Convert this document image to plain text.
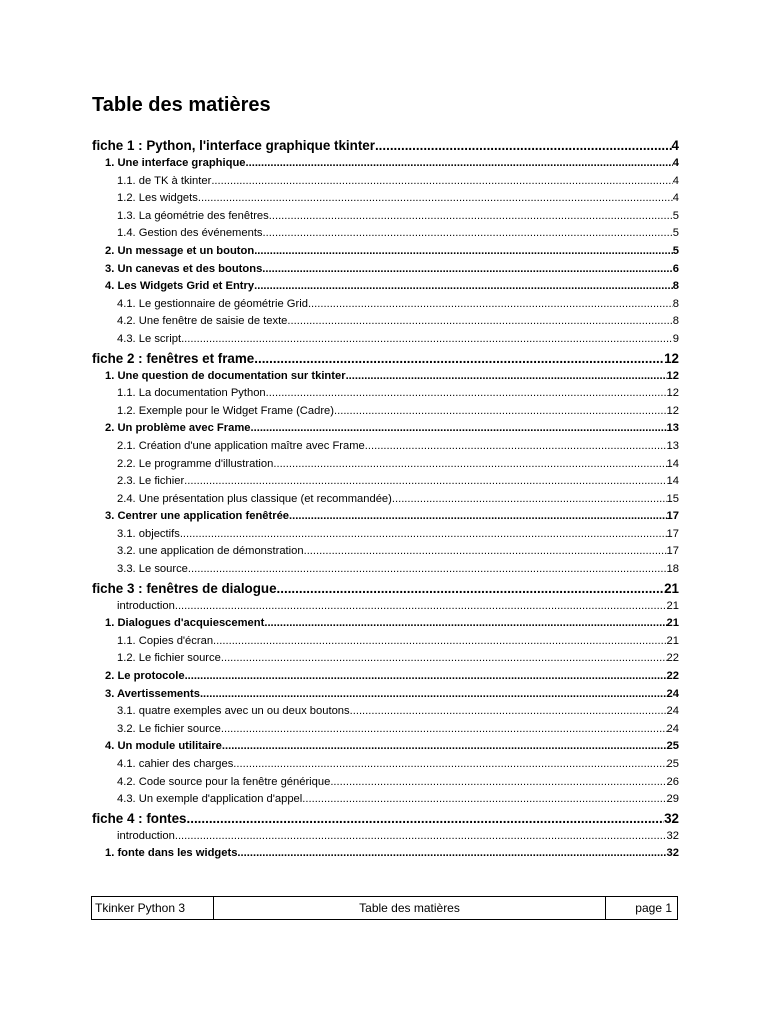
Table des matières
fiche 1 : Python, l'interface graphique tkinter .....	4
1. Une interface graphique .....	4
1.1. de TK à tkinter .....	4
1.2. Les widgets .....	4
1.3. La géométrie des fenêtres .....	5
1.4. Gestion des événements .....	5
2. Un message et un bouton .....	5
3. Un canevas et des boutons .....	6
4. Les Widgets Grid et Entry .....	8
4.1. Le gestionnaire de géométrie Grid .....	8
4.2. Une fenêtre de saisie de texte .....	8
4.3. Le script .....	9
fiche 2 : fenêtres et frame .....	12
1. Une question de documentation sur tkinter .....	12
1.1. La documentation Python .....	12
1.2. Exemple pour le Widget Frame (Cadre) .....	12
2. Un problème avec Frame .....	13
2.1. Création d'une application maître avec Frame .....	13
2.2. Le programme d'illustration .....	14
2.3. Le fichier .....	14
2.4. Une présentation plus classique (et recommandée) .....	15
3. Centrer une application fenêtrée .....	17
3.1. objectifs .....	17
3.2. une application de démonstration .....	17
3.3. Le source .....	18
fiche 3 : fenêtres de dialogue .....	21
introduction .....	21
1. Dialogues d'acquiescement .....	21
1.1. Copies d'écran .....	21
1.2. Le fichier source .....	22
2. Le protocole .....	22
3. Avertissements .....	24
3.1. quatre exemples avec un ou deux boutons .....	24
3.2. Le fichier source .....	24
4. Un module utilitaire .....	25
4.1. cahier des charges .....	25
4.2. Code source pour la fenêtre générique .....	26
4.3. Un exemple d'application d'appel .....	29
fiche 4 : fontes .....	32
introduction .....	32
1. fonte dans les widgets .....	32
Tkinker Python 3	Table des matières	page 1
